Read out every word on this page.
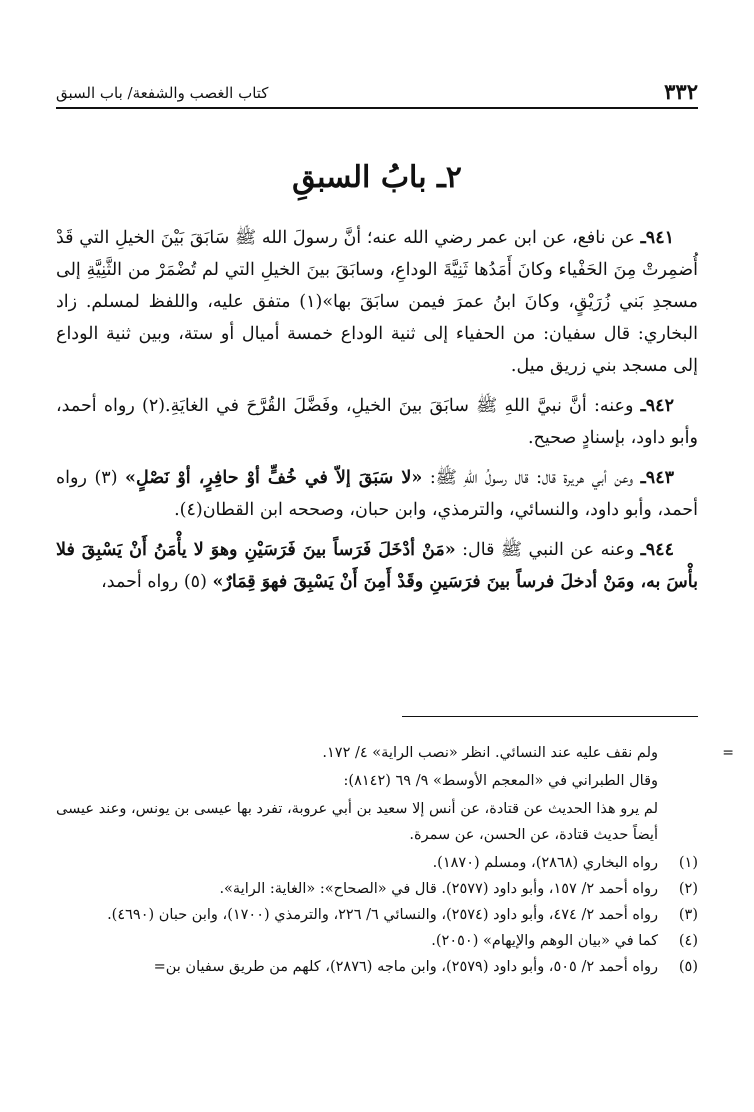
٣٣٢
كتاب الغصب والشفعة/ باب السبق
٢ـ بابُ السبقِ

٩٤١ـ عن نافع، عن ابن عمر رضي الله عنه؛ أنَّ رسولَ الله ﷺ سَابَقَ بَيْنَ الخيلِ التي قَدْ أُضمِرتْ مِنَ الحَفْياء وكانَ أَمَدُها ثَنِيَّةَ الوداعِ، وسابَقَ بينَ الخيلِ التي لم تُضْمَرْ من الثَّنِيَّةِ إلى مسجدِ بَني زُرَيْقٍ، وكانَ ابنُ عمرَ فيمن سابَقَ بها»(١) متفق عليه، واللفظ لمسلم. زاد البخاري: قال سفيان: من الحفياء إلى ثنية الوداع خمسة أميال أو ستة، وبين ثنية الوداع إلى مسجد بني زريق ميل.

٩٤٢ـ وعنه: أنَّ نبيَّ اللهِ ﷺ سابَقَ بينَ الخيلِ، وفَضَّلَ القُرَّحَ في الغايَةِ.(٢) رواه أحمد، وأبو داود، بإسنادٍ صحيح.

٩٤٣ـ وعن أبي هريرة قال: قال رسولُ اللهِ ﷺ: «لا سَبَقَ إلاّ في خُفٍّ أوْ حافِرٍ، أوْ نَصْلٍ» (٣) رواه أحمد، وأبو داود، والنسائي، والترمذي، وابن حبان، وصححه ابن القطان(٤).

٩٤٤ـ وعنه عن النبي ﷺ قال: «مَنْ أدْخَلَ فَرَساً بينَ فَرَسَيْنِ وهوَ لا يأْمَنُ أَنْ يَسْبِقَ فلا بأْسَ به، ومَنْ أدخلَ فرساً بينَ فرَسَينِ وقَدْ أَمِنَ أَنْ يَسْبِقَ فهوَ قِمَارٌ» (٥) رواه أحمد،

=

ولم نقف عليه عند النسائي. انظر «نصب الراية» ٤/ ١٧٢.

وقال الطبراني في «المعجم الأوسط» ٩/ ٦٩ (٨١٤٢):

لم يرو هذا الحديث عن قتادة، عن أنس إلا سعيد بن أبي عروبة، تفرد بها عيسى بن يونس، وعند عيسى أيضاً حديث قتادة، عن الحسن، عن سمرة.

(١)
رواه البخاري (٢٨٦٨)، ومسلم (١٨٧٠).
(٢)
رواه أحمد ٢/ ١٥٧، وأبو داود (٢٥٧٧). قال في «الصحاح»: «الغاية: الراية».
(٣)
رواه أحمد ٢/ ٤٧٤، وأبو داود (٢٥٧٤)، والنسائي ٦/ ٢٢٦، والترمذي (١٧٠٠)، وابن حبان (٤٦٩٠).
(٤)
كما في «بيان الوهم والإيهام» (٢٠٥٠).
(٥)
رواه أحمد ٢/ ٥٠٥، وأبو داود (٢٥٧٩)، وابن ماجه (٢٨٧٦)، كلهم من طريق سفيان بن=
